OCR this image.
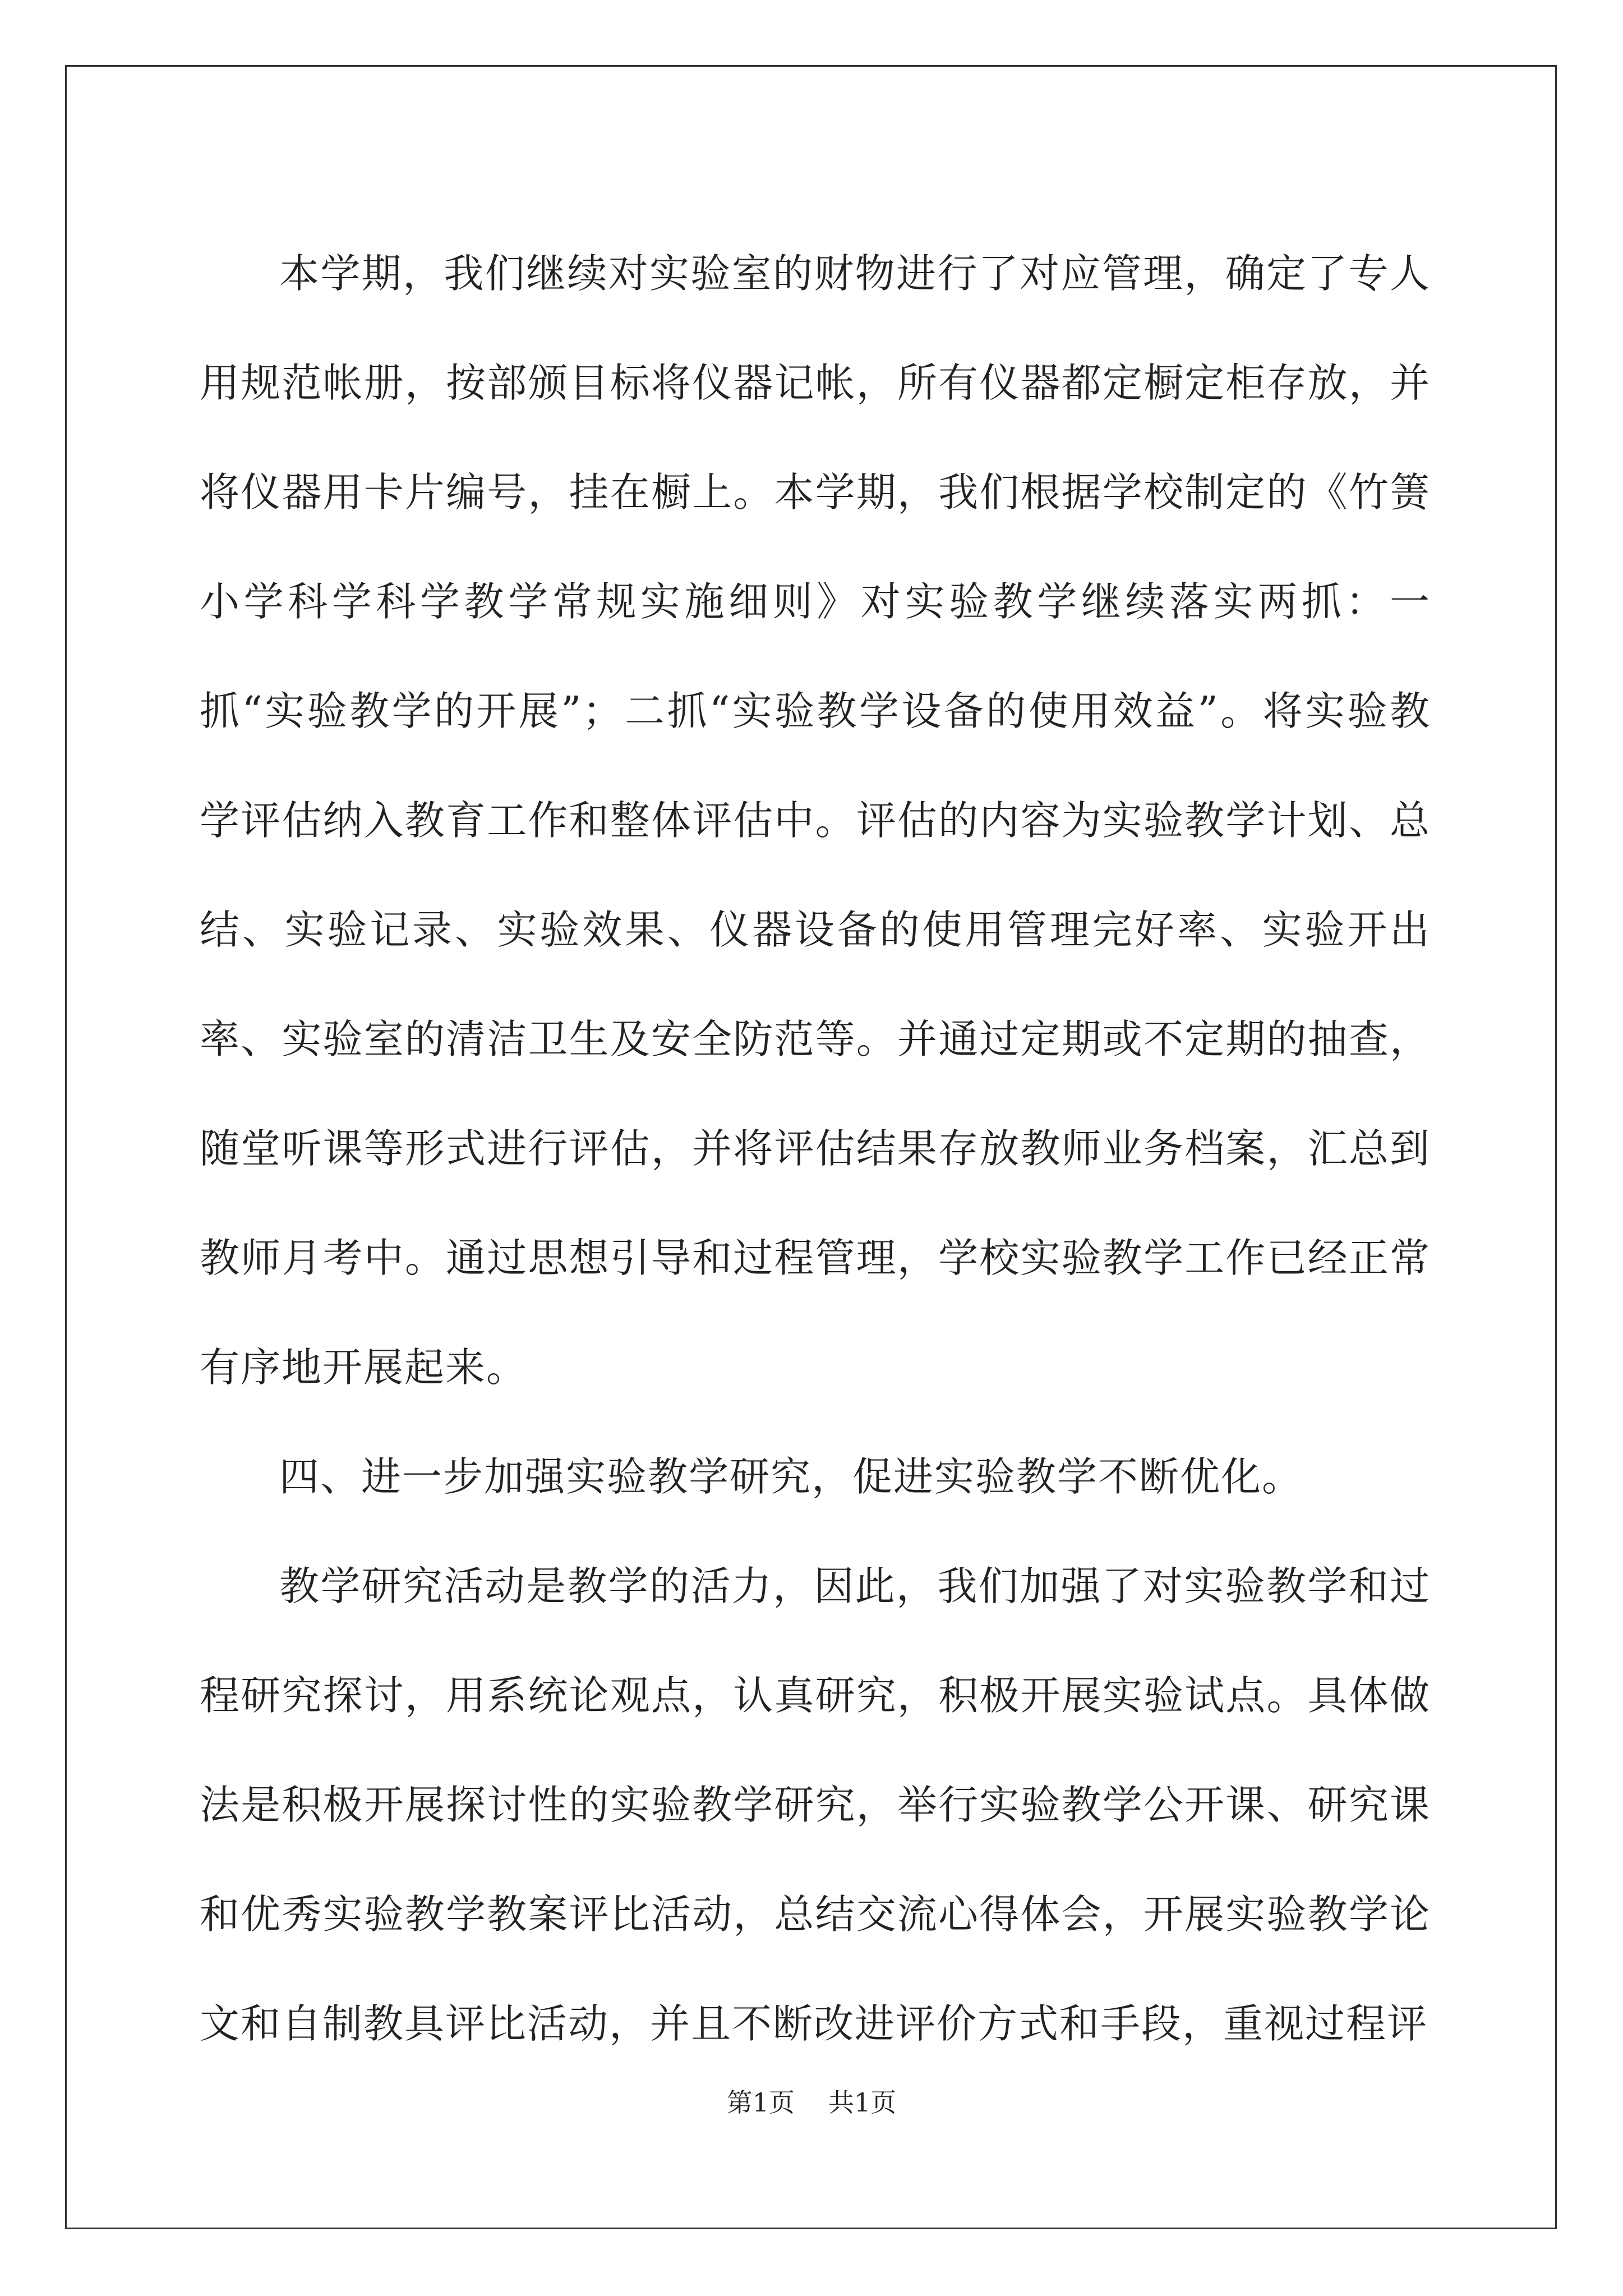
本学期，我们继续对实验室的财物进行了对应管理，确定了专人用规范帐册，按部颁目标将仪器记帐，所有仪器都定橱定柜存放，并将仪器用卡片编号，挂在橱上。本学期，我们根据学校制定的《竹箦小学科学科学教学常规实施细则》对实验教学继续落实两抓：一抓“实验教学的开展”；二抓“实验教学设备的使用效益”。将实验教学评估纳入教育工作和整体评估中。评估的内容为实验教学计划、总结、实验记录、实验效果、仪器设备的使用管理完好率、实验开出率、实验室的清洁卫生及安全防范等。并通过定期或不定期的抽查，随堂听课等形式进行评估，并将评估结果存放教师业务档案，汇总到教师月考中。通过思想引导和过程管理，学校实验教学工作已经正常有序地开展起来。

四、进一步加强实验教学研究，促进实验教学不断优化。

教学研究活动是教学的活力，因此，我们加强了对实验教学和过程研究探讨，用系统论观点，认真研究，积极开展实验试点。具体做法是积极开展探讨性的实验教学研究，举行实验教学公开课、研究课和优秀实验教学教案评比活动，总结交流心得体会，开展实验教学论文和自制教具评比活动，并且不断改进评价方式和手段，重视过程评

第1页 共1页
